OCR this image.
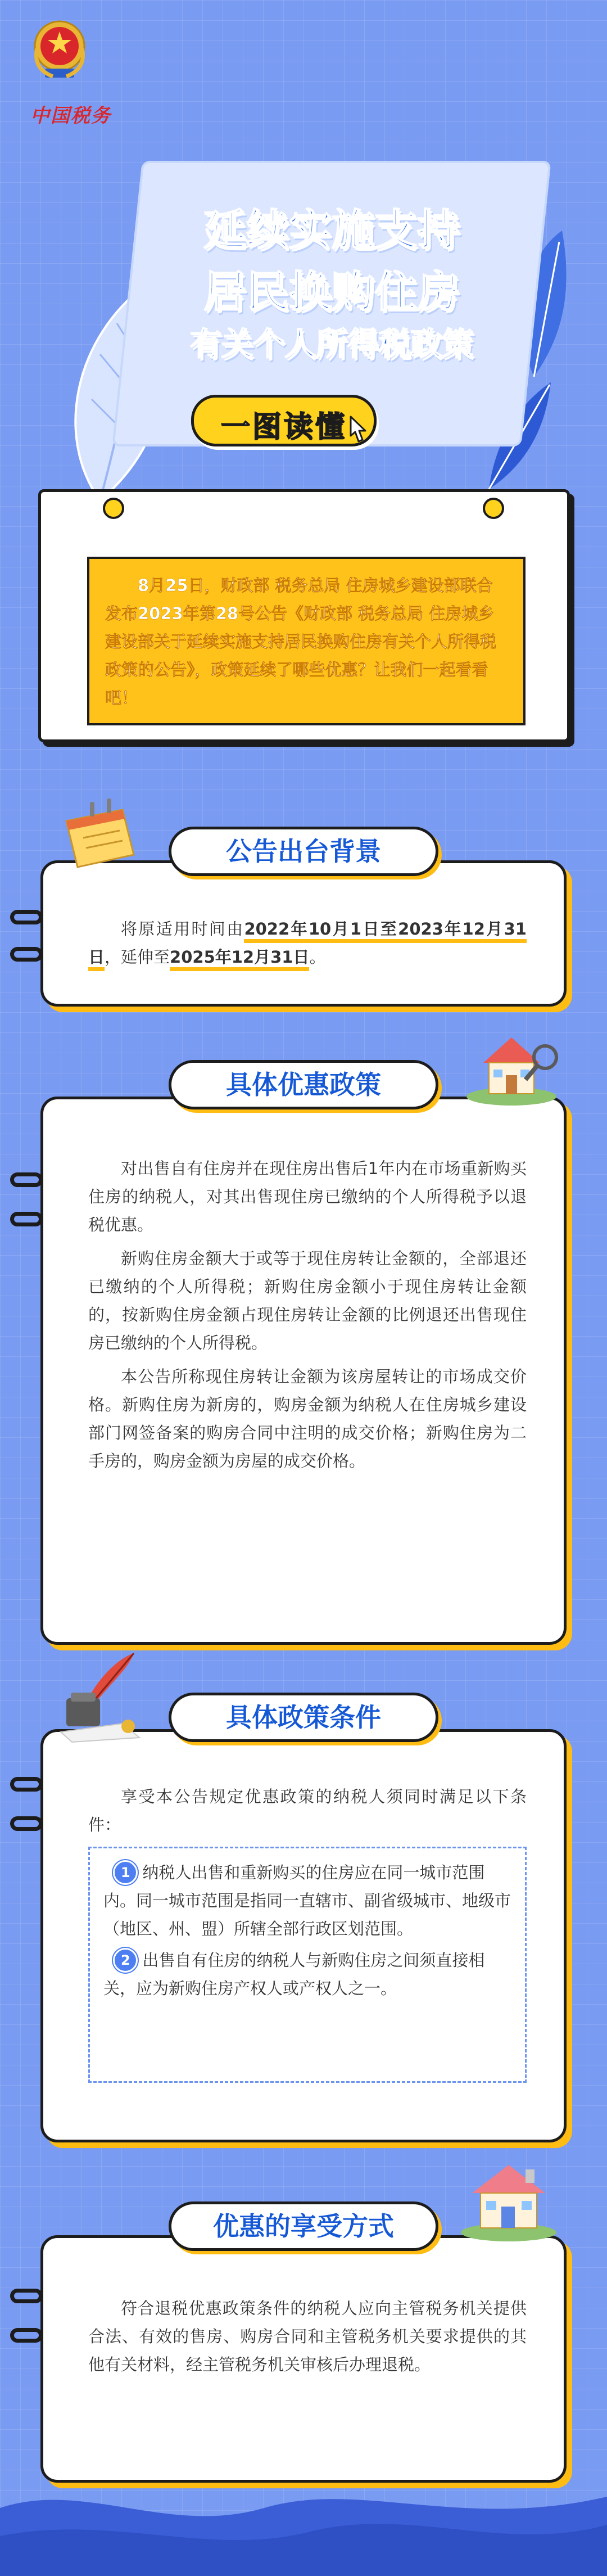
中国税务
延续实施支持
居民换购住房
有关个人所得税政策
一图读懂
8月25日，财政部 税务总局 住房城乡建设部联合发布2023年第28号公告《财政部 税务总局 住房城乡建设部关于延续实施支持居民换购住房有关个人所得税政策的公告》，政策延续了哪些优惠？让我们一起看看吧！

将原适用时间由2022年10月1日至2023年12月31日，延伸至2025年12月31日。

公告出台背景

对出售自有住房并在现住房出售后1年内在市场重新购买住房的纳税人，对其出售现住房已缴纳的个人所得税予以退税优惠。

新购住房金额大于或等于现住房转让金额的，全部退还已缴纳的个人所得税；新购住房金额小于现住房转让金额的，按新购住房金额占现住房转让金额的比例退还出售现住房已缴纳的个人所得税。

本公告所称现住房转让金额为该房屋转让的市场成交价格。新购住房为新房的，购房金额为纳税人在住房城乡建设部门网签备案的购房合同中注明的成交价格；新购住房为二手房的，购房金额为房屋的成交价格。

具体优惠政策

享受本公告规定优惠政策的纳税人须同时满足以下条件：

1 纳税人出售和重新购买的住房应在同一城市范围内。同一城市范围是指同一直辖市、副省级城市、地级市（地区、州、盟）所辖全部行政区划范围。

2 出售自有住房的纳税人与新购住房之间须直接相关，应为新购住房产权人或产权人之一。

具体政策条件

符合退税优惠政策条件的纳税人应向主管税务机关提供合法、有效的售房、购房合同和主管税务机关要求提供的其他有关材料，经主管税务机关审核后办理退税。

优惠的享受方式
